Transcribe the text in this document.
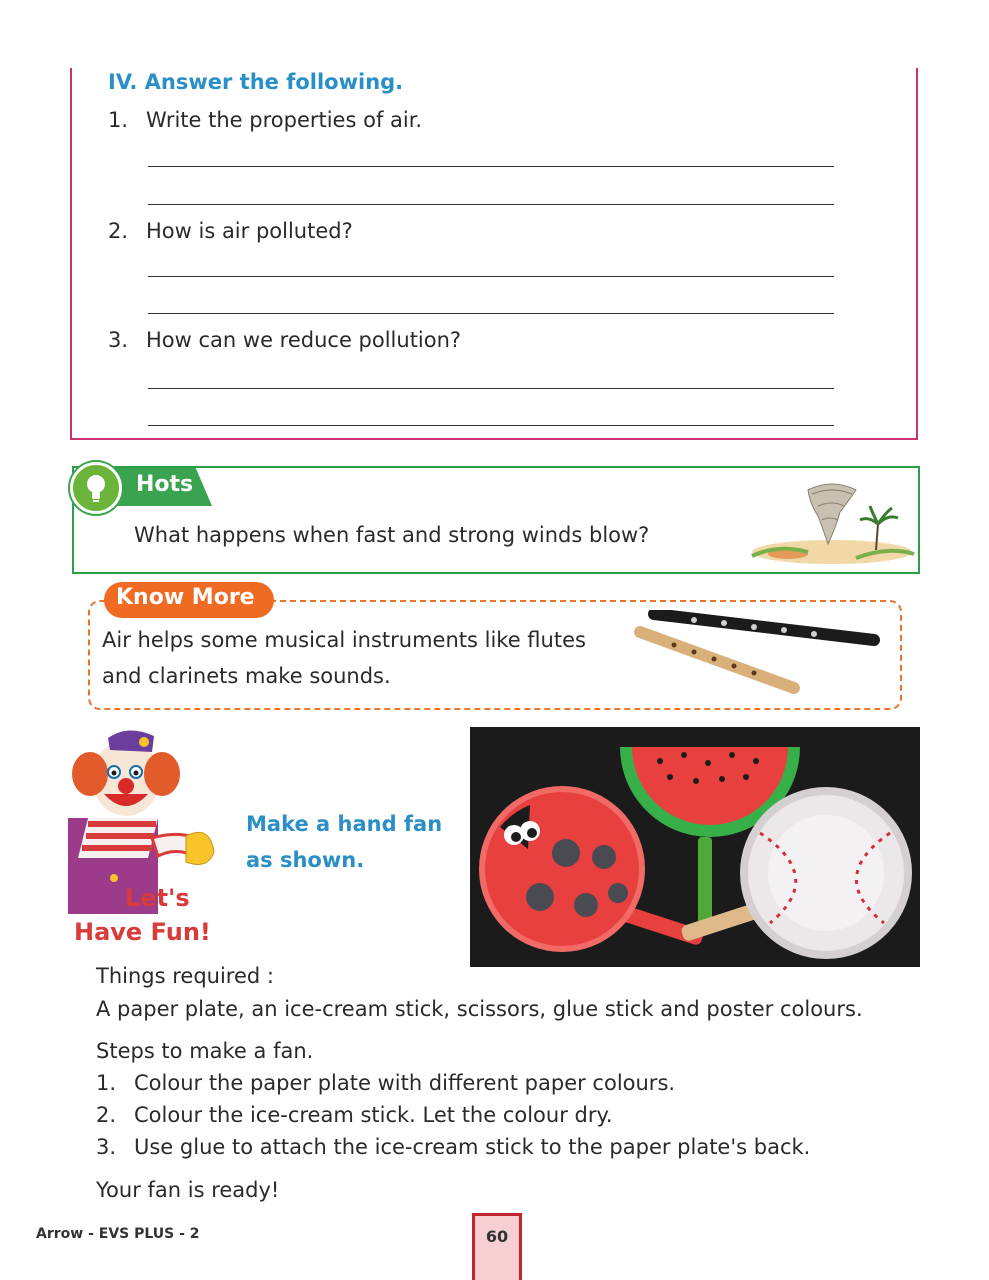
IV. Answer the following.
1. Write the properties of air.
2. How is air polluted?
3. How can we reduce pollution?
Hots
What happens when fast and strong winds blow?
Know More
Air helps some musical instruments like flutes
and clarinets make sounds.
Let's
Have Fun!
Make a hand fan
as shown.
Things required :
A paper plate, an ice-cream stick, scissors, glue stick and poster colours.
Steps to make a fan.
1. Colour the paper plate with different paper colours.
2. Colour the ice-cream stick. Let the colour dry.
3. Use glue to attach the ice-cream stick to the paper plate's back.
Your fan is ready!
Arrow - EVS PLUS - 2	60
